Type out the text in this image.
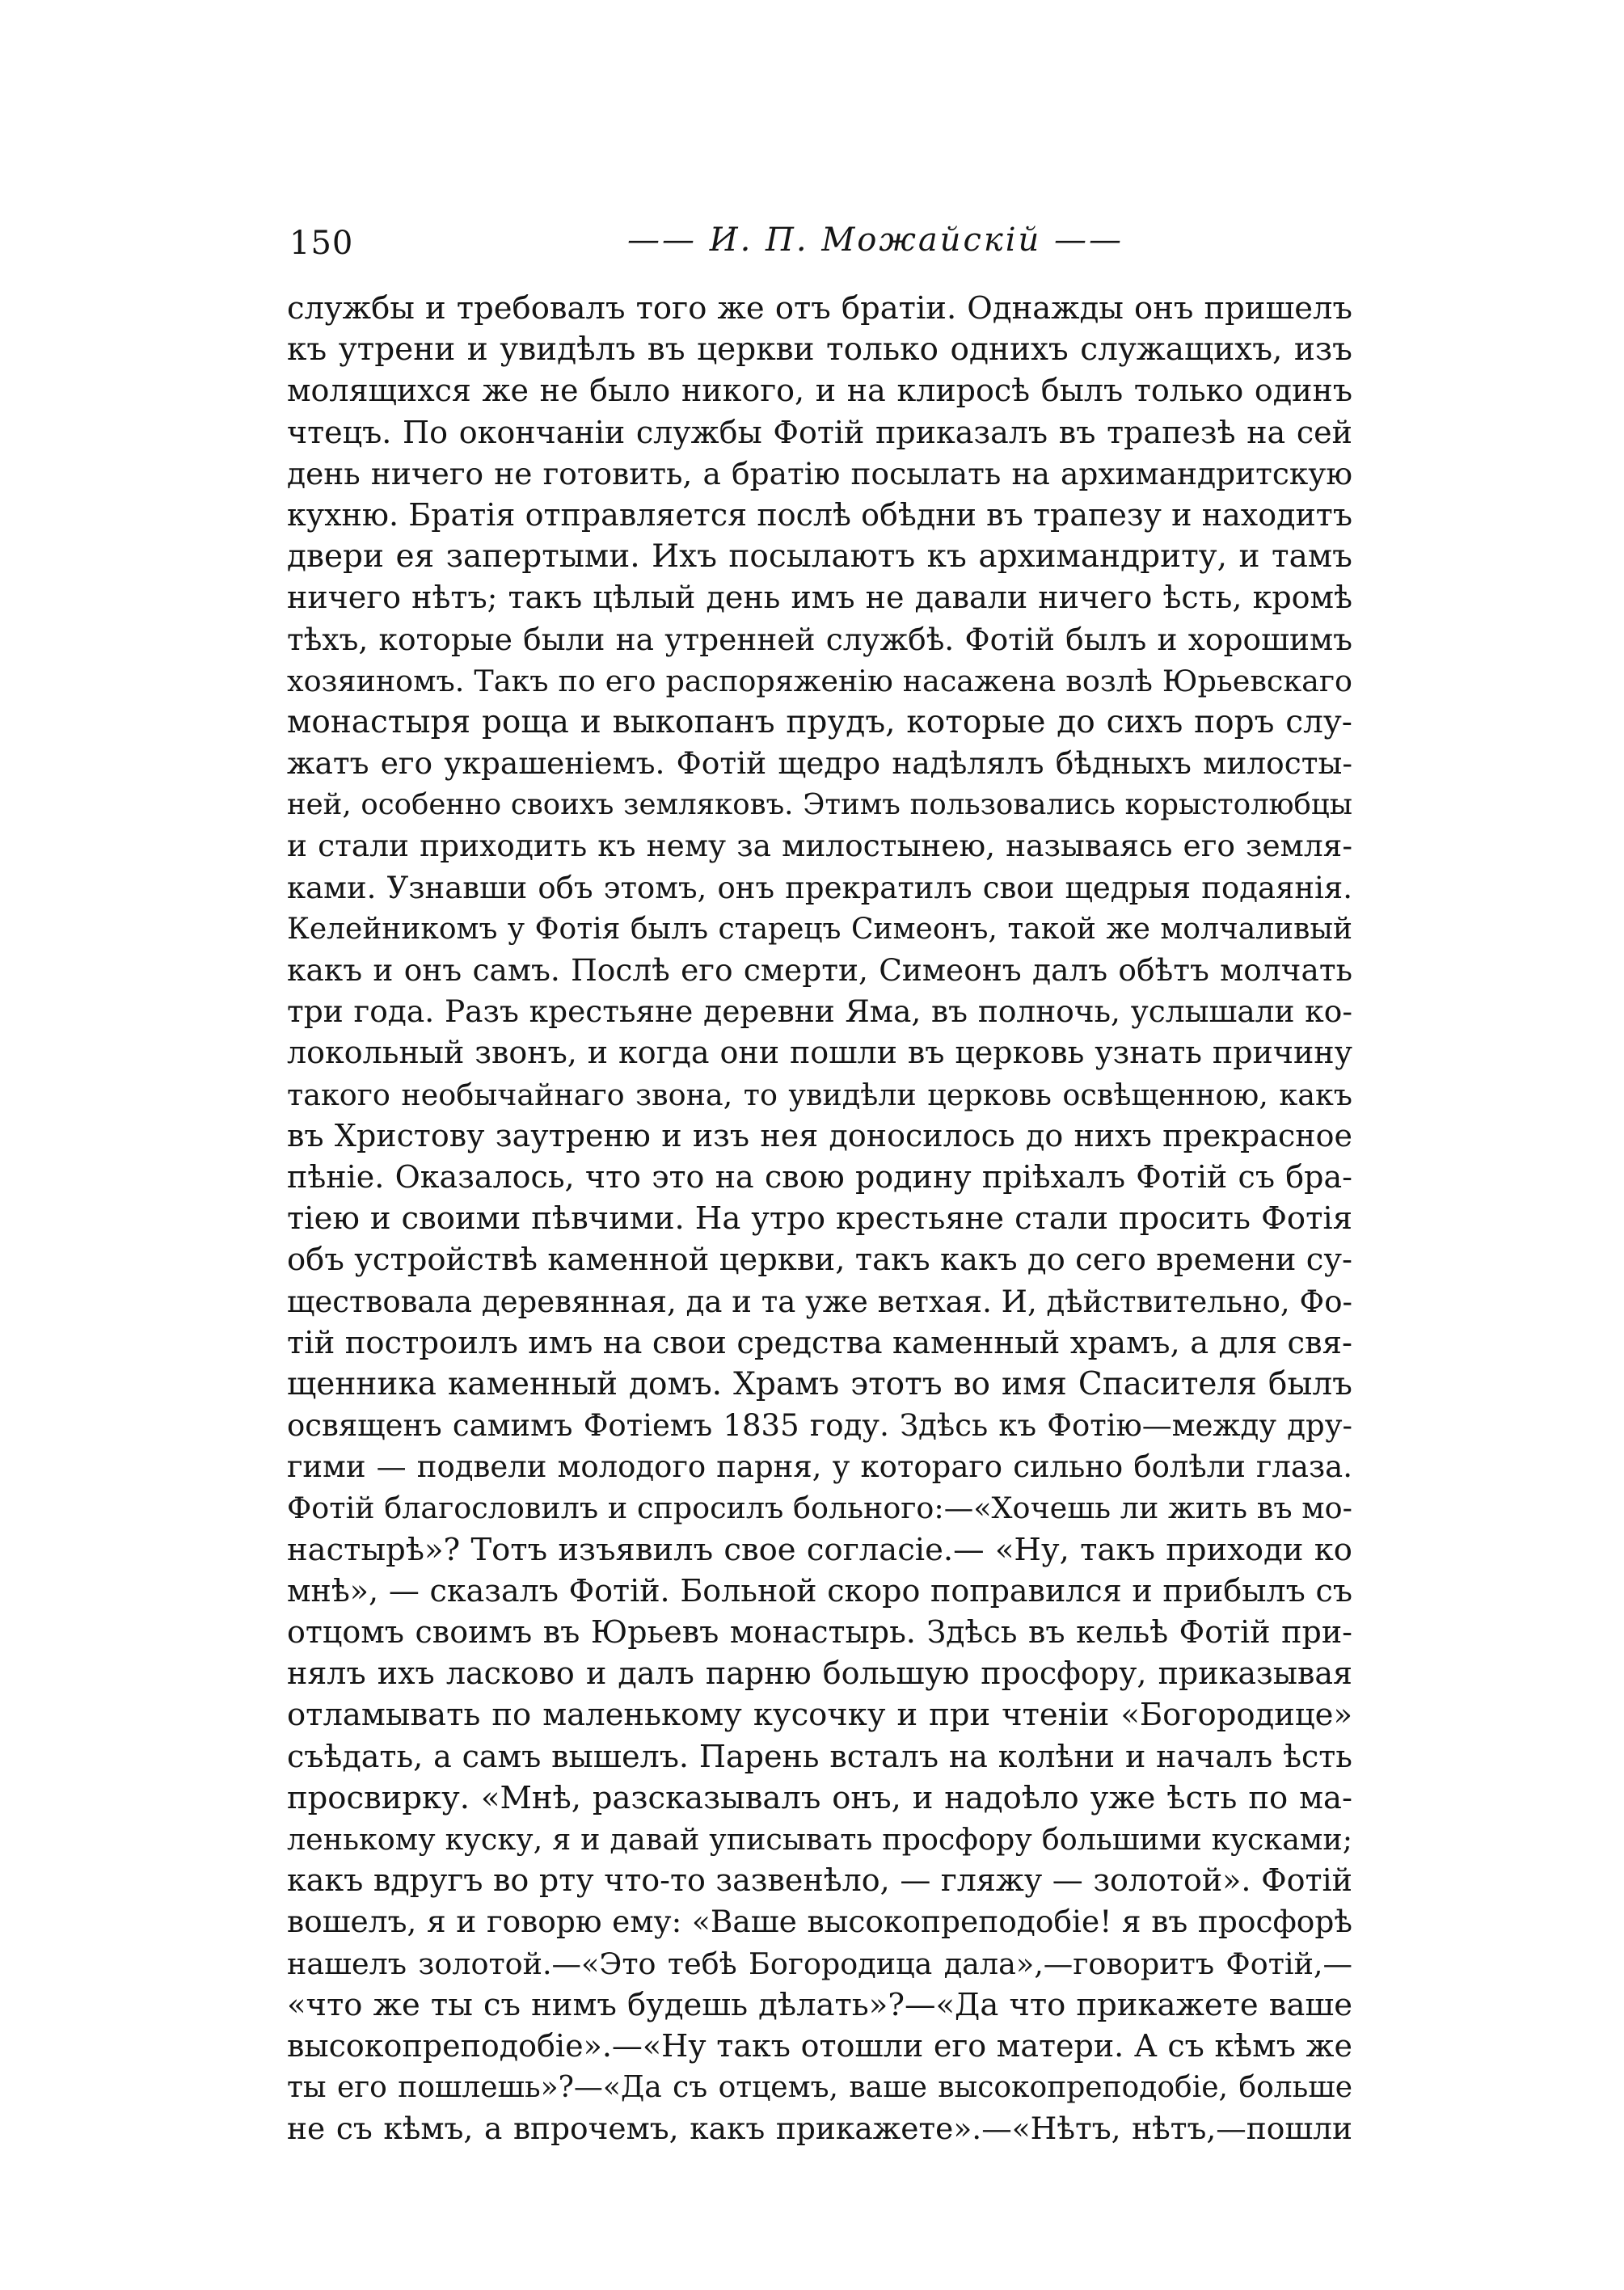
150	—— И. П. Можайскій ——
службы и требовалъ того же отъ братіи. Однажды онъ пришелъ
къ утрени и увидѣлъ въ церкви только однихъ служащихъ, изъ
молящихся же не было никого, и на клиросѣ былъ только одинъ
чтецъ. По окончаніи службы Фотій приказалъ въ трапезѣ на сей
день ничего не готовить, а братію посылать на архимандритскую
кухню. Братія отправляется послѣ обѣдни въ трапезу и находитъ
двери ея запертыми. Ихъ посылаютъ къ архимандриту, и тамъ
ничего нѣтъ; такъ цѣлый день имъ не давали ничего ѣсть, кромѣ
тѣхъ, которые были на утренней службѣ. Фотій былъ и хорошимъ
хозяиномъ. Такъ по его распоряженію насажена возлѣ Юрьевскаго
монастыря роща и выкопанъ прудъ, которые до сихъ поръ слу-
жатъ его украшеніемъ. Фотій щедро надѣлялъ бѣдныхъ милосты-
ней, особенно своихъ земляковъ. Этимъ пользовались корыстолюбцы
и стали приходить къ нему за милостынею, называясь его земля-
ками. Узнавши объ этомъ, онъ прекратилъ свои щедрыя подаянія.
Келейникомъ у Фотія былъ старецъ Симеонъ, такой же молчаливый
какъ и онъ самъ. Послѣ его смерти, Симеонъ далъ обѣтъ молчать
три года. Разъ крестьяне деревни Яма, въ полночь, услышали ко-
локольный звонъ, и когда они пошли въ церковь узнать причину
такого необычайнаго звона, то увидѣли церковь освѣщенною, какъ
въ Христову заутреню и изъ нея доносилось до нихъ прекрасное
пѣніе. Оказалось, что это на свою родину пріѣхалъ Фотій съ бра-
тіею и своими пѣвчими. На утро крестьяне стали просить Фотія
объ устройствѣ каменной церкви, такъ какъ до сего времени су-
ществовала деревянная, да и та уже ветхая. И, дѣйствительно, Фо-
тій построилъ имъ на свои средства каменный храмъ, а для свя-
щенника каменный домъ. Храмъ этотъ во имя Спасителя былъ
освященъ самимъ Фотіемъ 1835 году. Здѣсь къ Фотію—между дру-
гими — подвели молодого парня, у котораго сильно болѣли глаза.
Фотій благословилъ и спросилъ больного:—«Хочешь ли жить въ мо-
настырѣ»? Тотъ изъявилъ свое согласіе.— «Ну, такъ приходи ко
мнѣ», — сказалъ Фотій. Больной скоро поправился и прибылъ съ
отцомъ своимъ въ Юрьевъ монастырь. Здѣсь въ кельѣ Фотій при-
нялъ ихъ ласково и далъ парню большую просфору, приказывая
отламывать по маленькому кусочку и при чтеніи «Богородице»
съѣдать, а самъ вышелъ. Парень всталъ на колѣни и началъ ѣсть
просвирку. «Мнѣ, разсказывалъ онъ, и надоѣло уже ѣсть по ма-
ленькому куску, я и давай уписывать просфору большими кусками;
какъ вдругъ во рту что-то зазвенѣло, — гляжу — золотой». Фотій
вошелъ, я и говорю ему: «Ваше высокопреподобіе! я въ просфорѣ
нашелъ золотой.—«Это тебѣ Богородица дала»,—говоритъ Фотій,—
«что же ты съ нимъ будешь дѣлать»?—«Да что прикажете ваше
высокопреподобіе».—«Ну такъ отошли его матери. А съ кѣмъ же
ты его пошлешь»?—«Да съ отцемъ, ваше высокопреподобіе, больше
не съ кѣмъ, а впрочемъ, какъ прикажете».—«Нѣтъ, нѣтъ,—пошли
